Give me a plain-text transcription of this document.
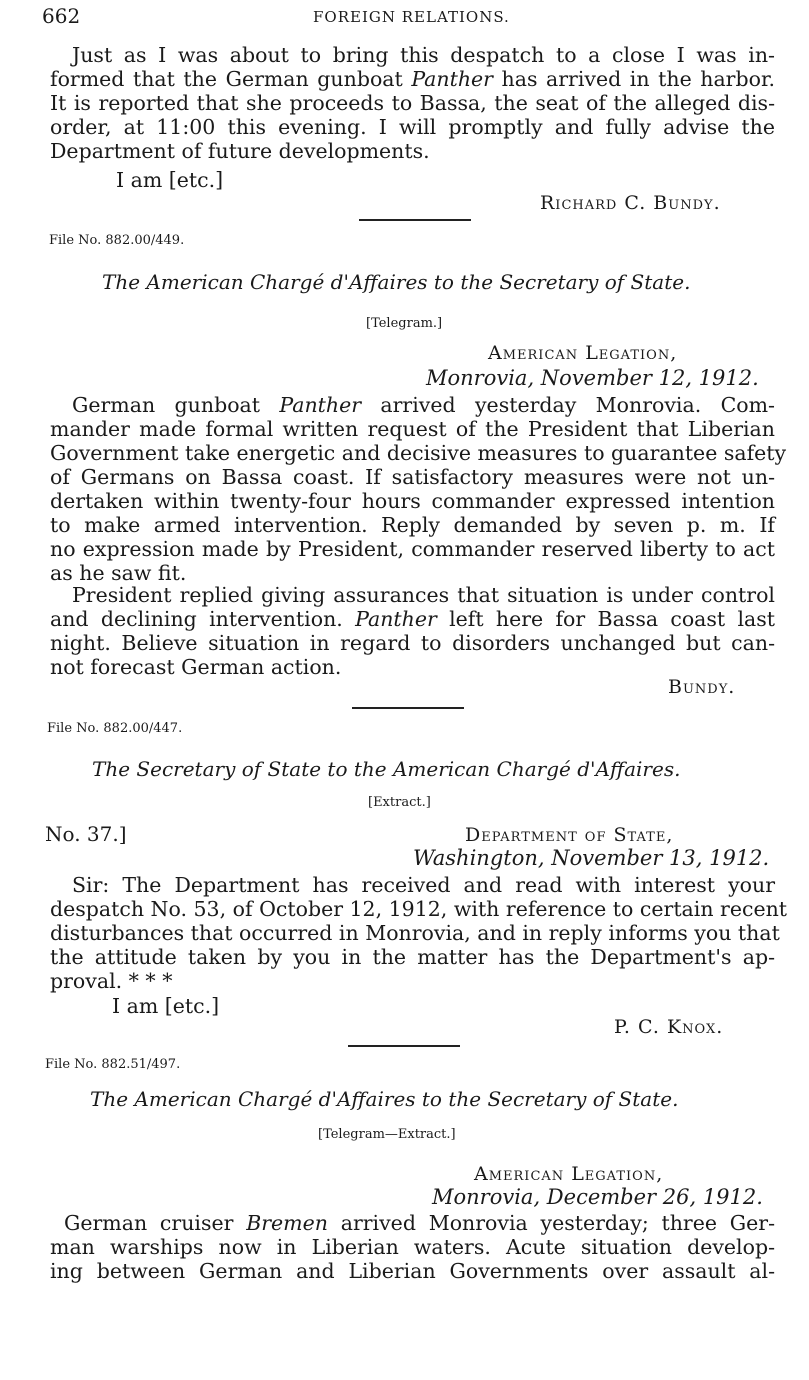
662	FOREIGN RELATIONS.
Just as I was about to bring this despatch to a close I was in-
formed that the German gunboat Panther has arrived in the harbor.
It is reported that she proceeds to Bassa, the seat of the alleged dis-
order, at 11:00 this evening. I will promptly and fully advise the
Department of future developments.
I am [etc.]
Richard C. Bundy.
File No. 882.00/449.
The American Chargé d'Affaires to the Secretary of State.
[Telegram.]
American Legation,
Monrovia, November 12, 1912.
German gunboat Panther arrived yesterday Monrovia. Com-
mander made formal written request of the President that Liberian
Government take energetic and decisive measures to guarantee safety
of Germans on Bassa coast. If satisfactory measures were not un-
dertaken within twenty-four hours commander expressed intention
to make armed intervention. Reply demanded by seven p. m. If
no expression made by President, commander reserved liberty to act
as he saw fit.
President replied giving assurances that situation is under control
and declining intervention. Panther left here for Bassa coast last
night. Believe situation in regard to disorders unchanged but can-
not forecast German action.
Bundy.
File No. 882.00/447.
The Secretary of State to the American Chargé d'Affaires.
[Extract.]
No. 37.]	Department of State,
Washington, November 13, 1912.
Sir: The Department has received and read with interest your
despatch No. 53, of October 12, 1912, with reference to certain recent
disturbances that occurred in Monrovia, and in reply informs you that
the attitude taken by you in the matter has the Department's ap-
proval. * * *
I am [etc.]
P. C. Knox.
File No. 882.51/497.
The American Chargé d'Affaires to the Secretary of State.
[Telegram—Extract.]
American Legation,
Monrovia, December 26, 1912.
German cruiser Bremen arrived Monrovia yesterday; three Ger-
man warships now in Liberian waters. Acute situation develop-
ing between German and Liberian Governments over assault al-
